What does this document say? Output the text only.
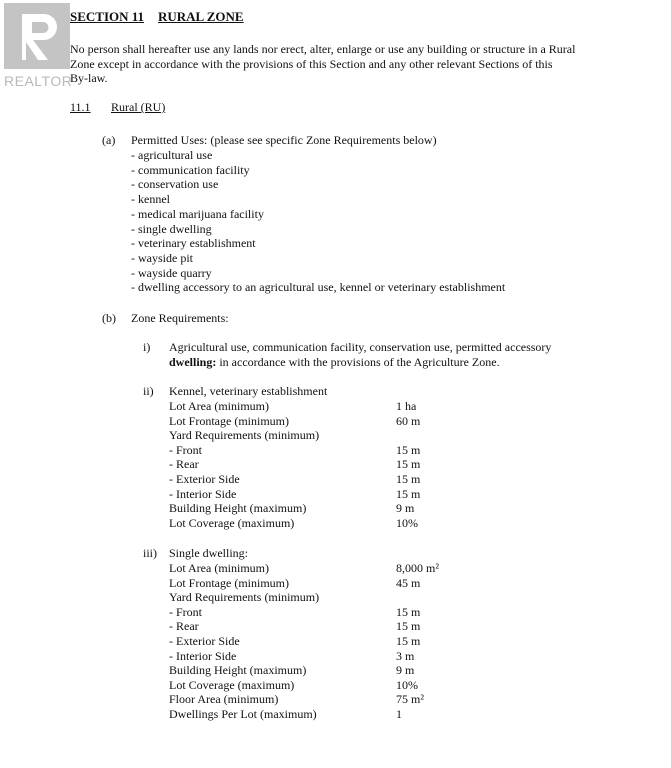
REALTOR
SECTION 11 RURAL ZONE
No person shall hereafter use any lands nor erect, alter, enlarge or use any building or structure in a Rural
Zone except in accordance with the provisions of this Section and any other relevant Sections of this
By-law.
11.1 Rural (RU)
(a) Permitted Uses: (please see specific Zone Requirements below)
- agricultural use
- communication facility
- conservation use
- kennel
- medical marijuana facility
- single dwelling
- veterinary establishment
- wayside pit
- wayside quarry
- dwelling accessory to an agricultural use, kennel or veterinary establishment
(b) Zone Requirements:
i) Agricultural use, communication facility, conservation use, permitted accessory
dwelling: in accordance with the provisions of the Agriculture Zone.
ii) Kennel, veterinary establishment
Lot Area (minimum)	1 ha
Lot Frontage (minimum)	60 m
Yard Requirements (minimum)
- Front	15 m
- Rear	15 m
- Exterior Side	15 m
- Interior Side	15 m
Building Height (maximum)	9 m
Lot Coverage (maximum)	10%
iii) Single dwelling:
Lot Area (minimum)	8,000 m²
Lot Frontage (minimum)	45 m
Yard Requirements (minimum)
- Front	15 m
- Rear	15 m
- Exterior Side	15 m
- Interior Side	3 m
Building Height (maximum)	9 m
Lot Coverage (maximum)	10%
Floor Area (minimum)	75 m²
Dwellings Per Lot (maximum)	1
